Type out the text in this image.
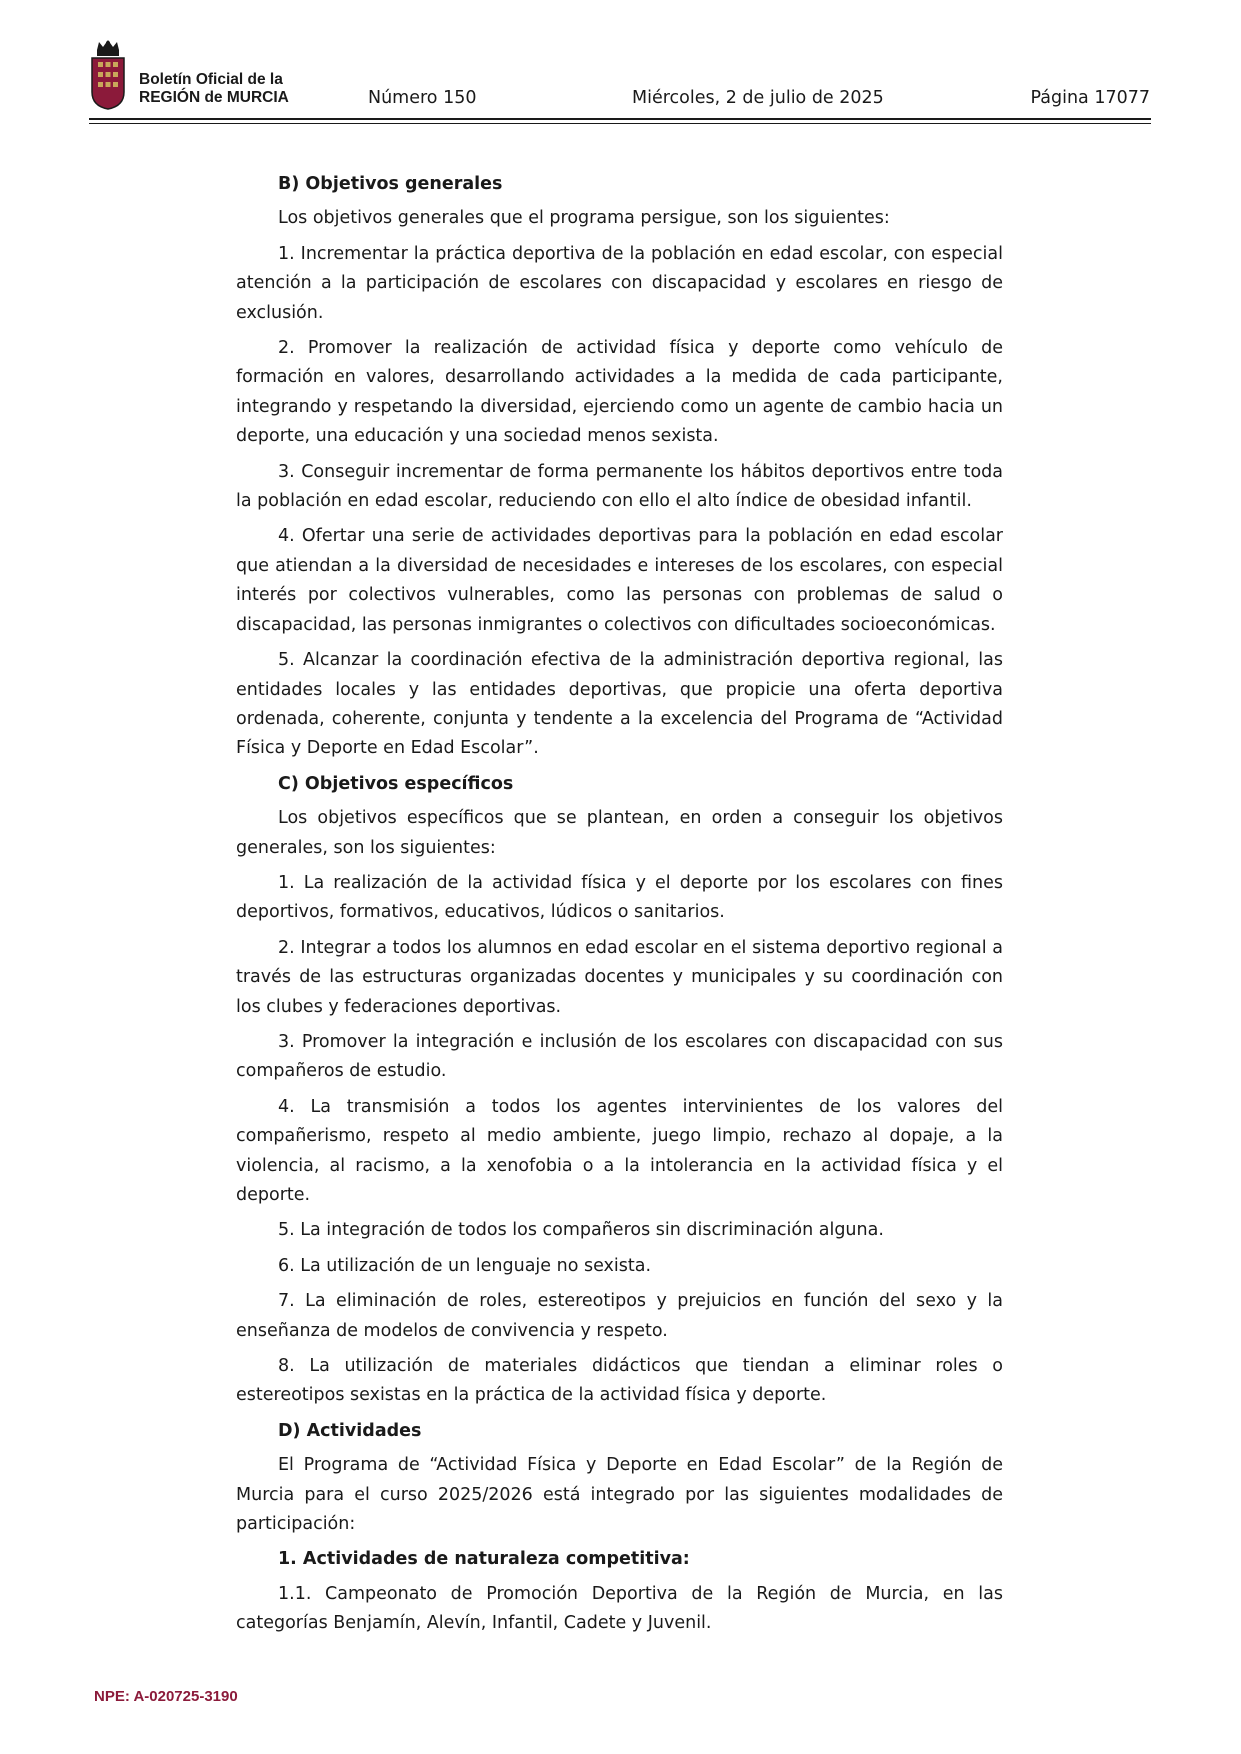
Boletín Oficial de la
REGIÓN de MURCIA	Número 150	Miércoles, 2 de julio de 2025	Página 17077
B) Objetivos generales

Los objetivos generales que el programa persigue, son los siguientes:

1. Incrementar la práctica deportiva de la población en edad escolar, con especial atención a la participación de escolares con discapacidad y escolares en riesgo de exclusión.

2. Promover la realización de actividad física y deporte como vehículo de formación en valores, desarrollando actividades a la medida de cada participante, integrando y respetando la diversidad, ejerciendo como un agente de cambio hacia un deporte, una educación y una sociedad menos sexista.

3. Conseguir incrementar de forma permanente los hábitos deportivos entre toda la población en edad escolar, reduciendo con ello el alto índice de obesidad infantil.

4. Ofertar una serie de actividades deportivas para la población en edad escolar que atiendan a la diversidad de necesidades e intereses de los escolares, con especial interés por colectivos vulnerables, como las personas con problemas de salud o discapacidad, las personas inmigrantes o colectivos con dificultades socioeconómicas.

5. Alcanzar la coordinación efectiva de la administración deportiva regional, las entidades locales y las entidades deportivas, que propicie una oferta deportiva ordenada, coherente, conjunta y tendente a la excelencia del Programa de “Actividad Física y Deporte en Edad Escolar”.

C) Objetivos específicos

Los objetivos específicos que se plantean, en orden a conseguir los objetivos generales, son los siguientes:

1. La realización de la actividad física y el deporte por los escolares con fines deportivos, formativos, educativos, lúdicos o sanitarios.

2. Integrar a todos los alumnos en edad escolar en el sistema deportivo regional a través de las estructuras organizadas docentes y municipales y su coordinación con los clubes y federaciones deportivas.

3. Promover la integración e inclusión de los escolares con discapacidad con sus compañeros de estudio.

4. La transmisión a todos los agentes intervinientes de los valores del compañerismo, respeto al medio ambiente, juego limpio, rechazo al dopaje, a la violencia, al racismo, a la xenofobia o a la intolerancia en la actividad física y el deporte.

5. La integración de todos los compañeros sin discriminación alguna.

6. La utilización de un lenguaje no sexista.

7. La eliminación de roles, estereotipos y prejuicios en función del sexo y la enseñanza de modelos de convivencia y respeto.

8. La utilización de materiales didácticos que tiendan a eliminar roles o estereotipos sexistas en la práctica de la actividad física y deporte.

D) Actividades

El Programa de “Actividad Física y Deporte en Edad Escolar” de la Región de Murcia para el curso 2025/2026 está integrado por las siguientes modalidades de participación:

1. Actividades de naturaleza competitiva:

1.1. Campeonato de Promoción Deportiva de la Región de Murcia, en las categorías Benjamín, Alevín, Infantil, Cadete y Juvenil.

NPE: A-020725-3190
